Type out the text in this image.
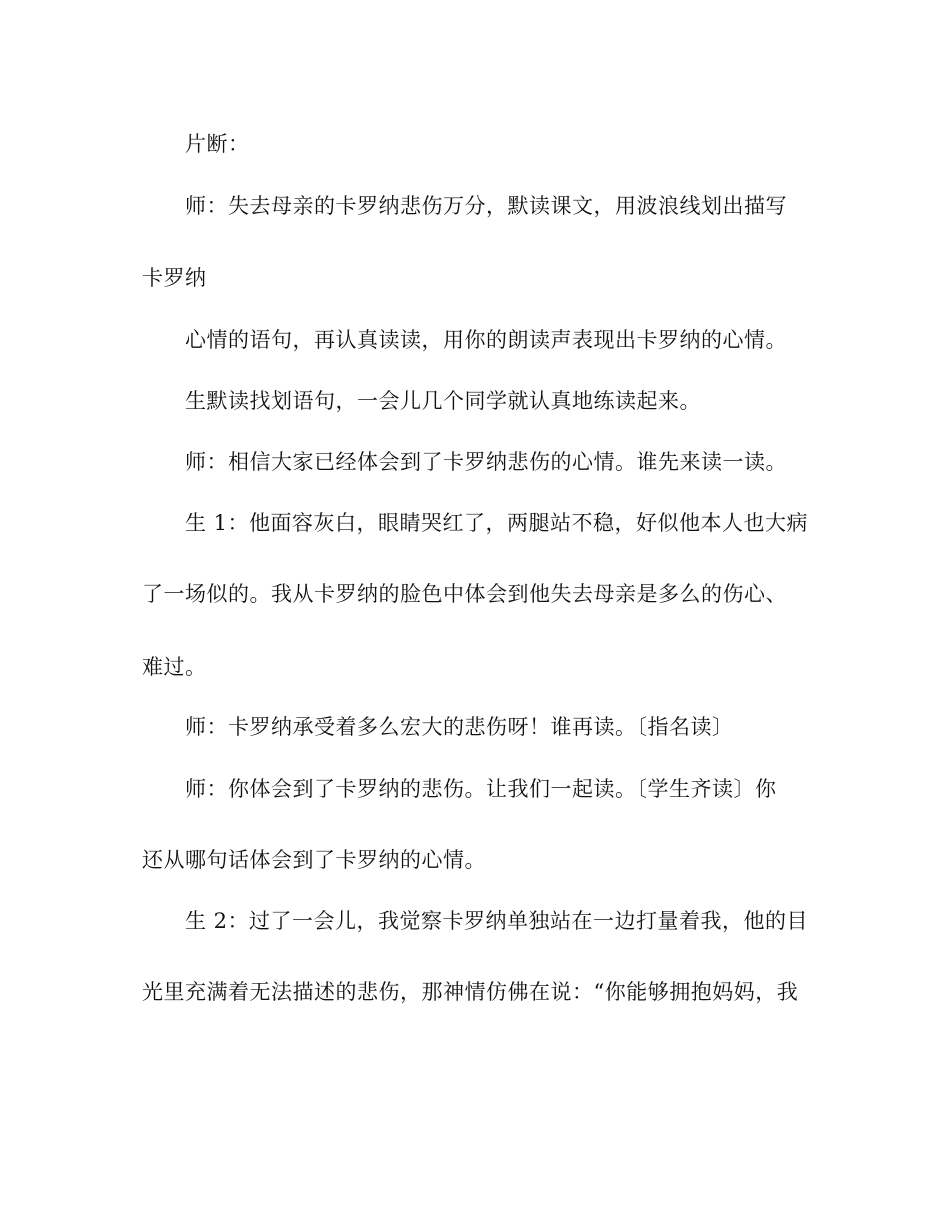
片断：
师：失去母亲的卡罗纳悲伤万分，默读课文，用波浪线划出描写
卡罗纳
心情的语句，再认真读读，用你的朗读声表现出卡罗纳的心情。
生默读找划语句，一会儿几个同学就认真地练读起来。
师：相信大家已经体会到了卡罗纳悲伤的心情。谁先来读一读。
生 1：他面容灰白，眼睛哭红了，两腿站不稳，好似他本人也大病
了一场似的。我从卡罗纳的脸色中体会到他失去母亲是多么的伤心、
难过。
师：卡罗纳承受着多么宏大的悲伤呀！谁再读。〔指名读〕
师：你体会到了卡罗纳的悲伤。让我们一起读。〔学生齐读〕你
还从哪句话体会到了卡罗纳的心情。
生 2：过了一会儿，我觉察卡罗纳单独站在一边打量着我，他的目
光里充满着无法描述的悲伤，那神情仿佛在说：“你能够拥抱妈妈，我
